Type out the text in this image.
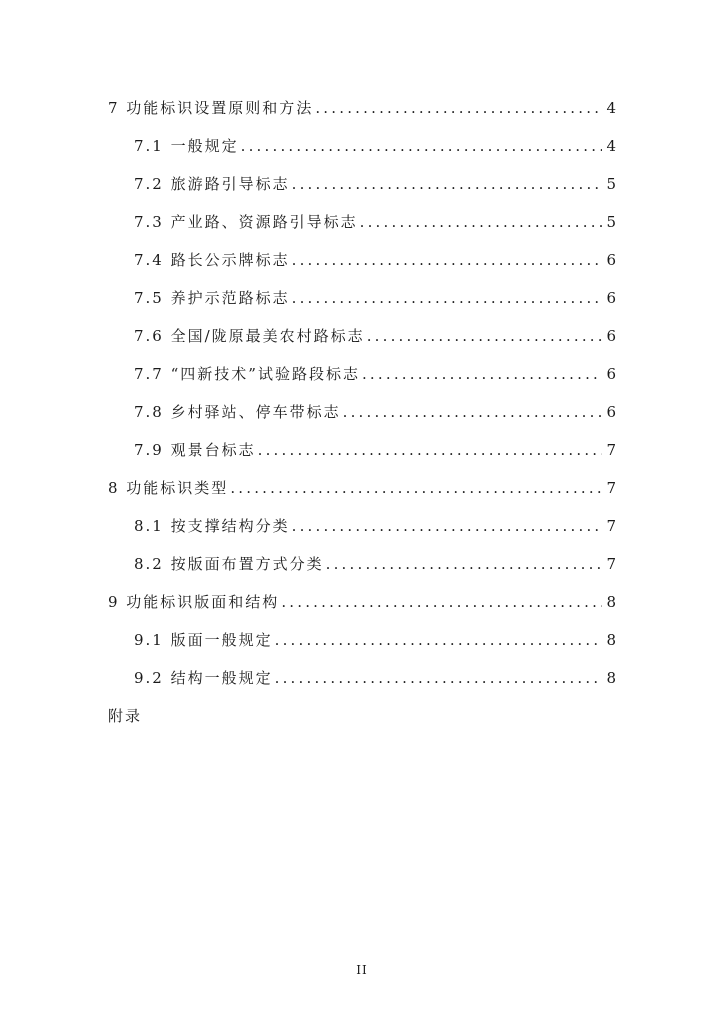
7 功能标识设置原则和方法 .....	4
7.1 一般规定 .....	4
7.2 旅游路引导标志 .....	5
7.3 产业路、资源路引导标志 .....	5
7.4 路长公示牌标志 .....	6
7.5 养护示范路标志 .....	6
7.6 全国/陇原最美农村路标志 .....	6
7.7 “四新技术”试验路段标志 .....	6
7.8 乡村驿站、停车带标志 .....	6
7.9 观景台标志 .....	7
8 功能标识类型 .....	7
8.1 按支撑结构分类 .....	7
8.2 按版面布置方式分类 .....	7
9 功能标识版面和结构 .....	8
9.1 版面一般规定 .....	8
9.2 结构一般规定 .....	8
附录
II
